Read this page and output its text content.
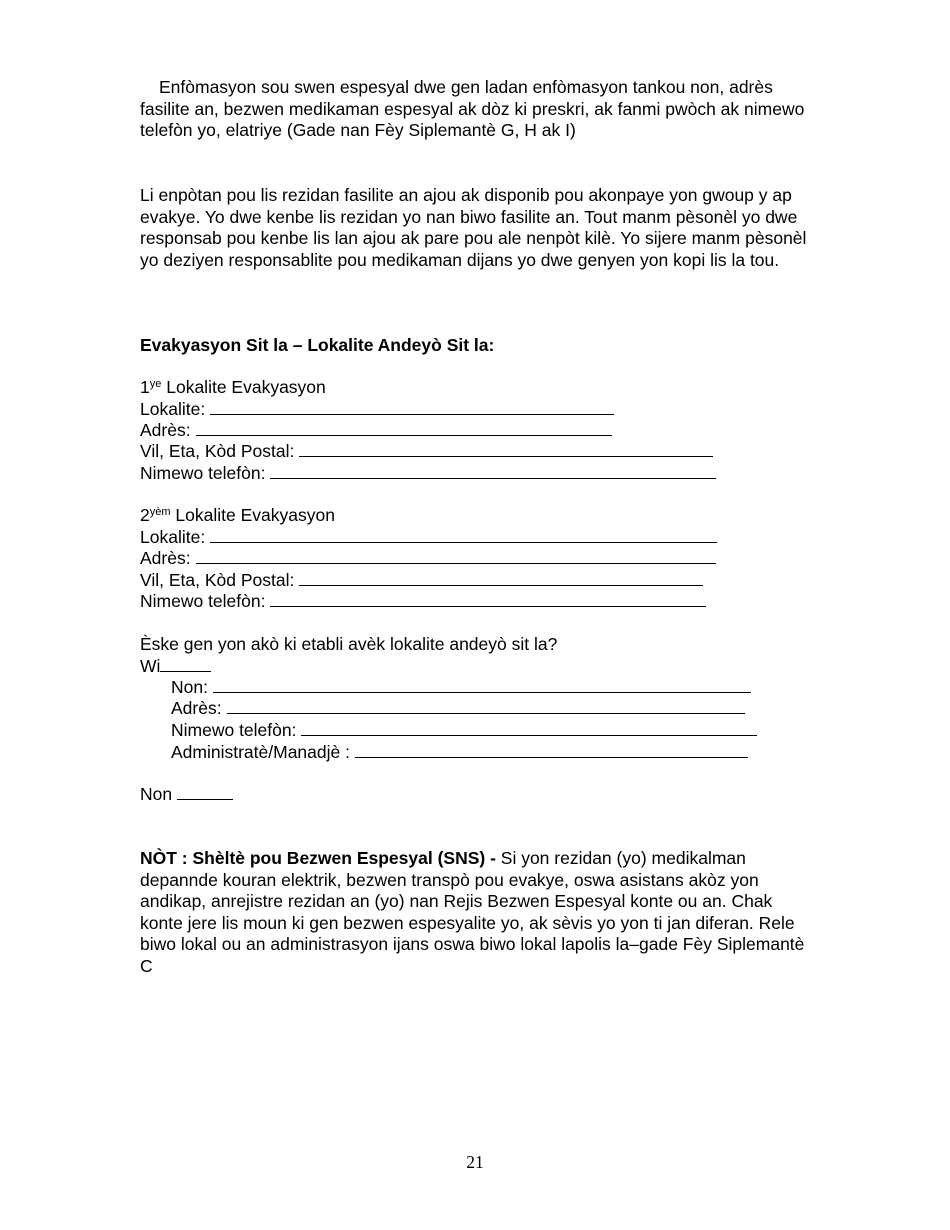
Enfòmasyon sou swen espesyal dwe gen ladan enfòmasyon tankou non, adrès fasilite an, bezwen medikaman espesyal ak dòz ki preskri, ak fanmi pwòch ak nimewo telefòn yo, elatriye (Gade nan Fèy Siplemantè G, H ak I)
Li enpòtan pou lis rezidan fasilite an ajou ak disponib pou akonpaye yon gwoup y ap evakye. Yo dwe kenbe lis rezidan yo nan biwo fasilite an. Tout manm pèsonèl yo dwe responsab pou kenbe lis lan ajou ak pare pou ale nenpòt kilè. Yo sijere manm pèsonèl yo deziyen responsablite pou medikaman dijans yo dwe genyen yon kopi lis la tou.
Evakyasyon Sit la – Lokalite Andeyò Sit la:
$1^{ye}$ Lokalite Evakyasyon
Lokalite:
Adrès:
Vil, Eta, Kòd Postal:
Nimewo telefòn:
$2^{yèm}$ Lokalite Evakyasyon
Lokalite:
Adrès:
Vil, Eta, Kòd Postal:
Nimewo telefòn:
Èske gen yon akò ki etabli avèk lokalite andeyò sit la?
Wi
Non:
Adrès:
Nimewo telefòn:
Administratè/Manadjè :
Non
NÒT : Shèltè pou Bezwen Espesyal (SNS) - Si yon rezidan (yo) medikalman depannde kouran elektrik, bezwen transpò pou evakye, oswa asistans akòz yon andikap, anrejistre rezidan an (yo) nan Rejis Bezwen Espesyal konte ou an. Chak konte jere lis moun ki gen bezwen espesyalite yo, ak sèvis yo yon ti jan diferan. Rele biwo lokal ou an administrasyon ijans oswa biwo lokal lapolis la–gade Fèy Siplemantè C
21
